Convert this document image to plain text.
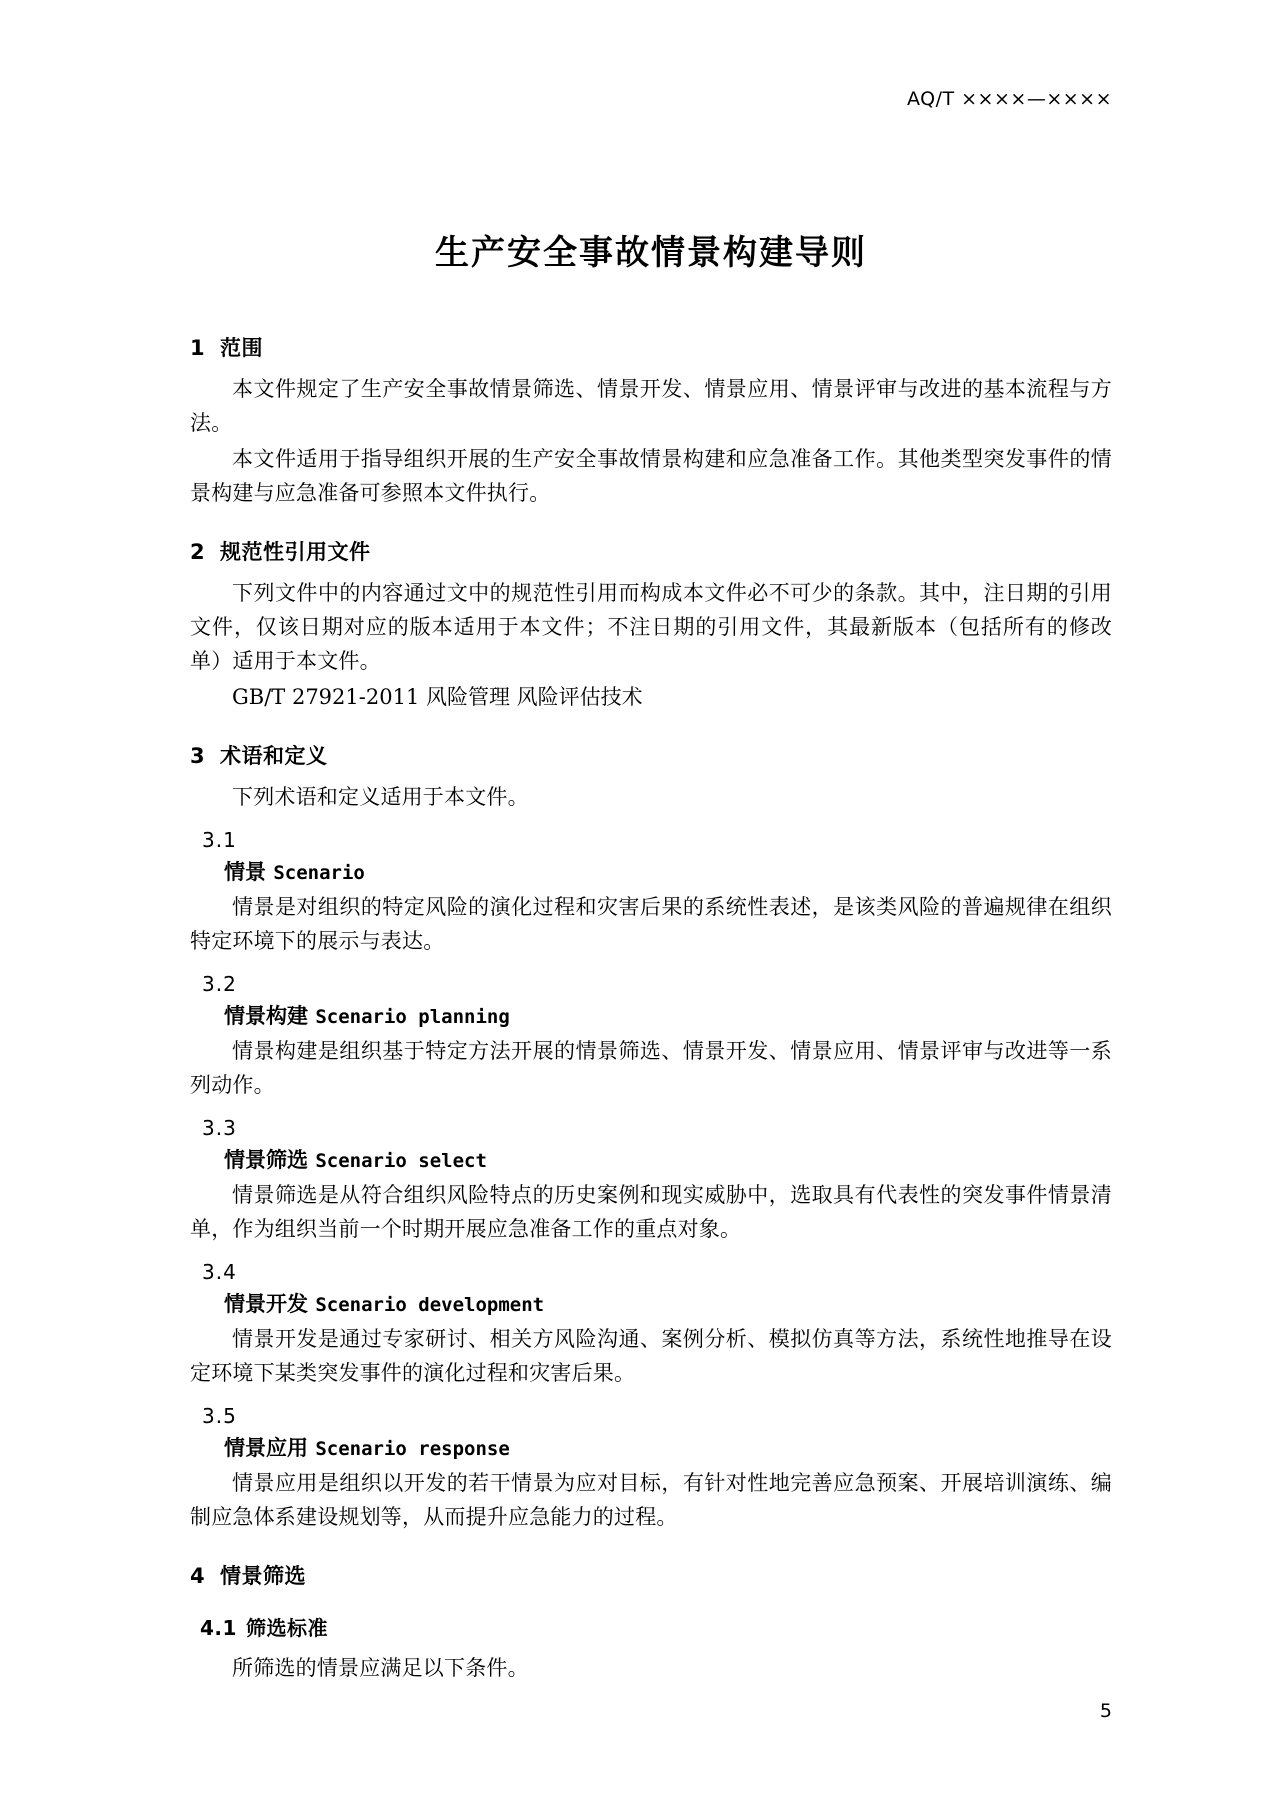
AQ/T ××××—××××
生产安全事故情景构建导则
1 范围

本文件规定了生产安全事故情景筛选、情景开发、情景应用、情景评审与改进的基本流程与方法。

本文件适用于指导组织开展的生产安全事故情景构建和应急准备工作。其他类型突发事件的情景构建与应急准备可参照本文件执行。

2 规范性引用文件

下列文件中的内容通过文中的规范性引用而构成本文件必不可少的条款。其中，注日期的引用文件，仅该日期对应的版本适用于本文件；不注日期的引用文件，其最新版本（包括所有的修改单）适用于本文件。

GB/T 27921-2011 风险管理 风险评估技术

3 术语和定义

下列术语和定义适用于本文件。

3.1
情景 Scenario

情景是对组织的特定风险的演化过程和灾害后果的系统性表述，是该类风险的普遍规律在组织特定环境下的展示与表达。

3.2
情景构建 Scenario planning

情景构建是组织基于特定方法开展的情景筛选、情景开发、情景应用、情景评审与改进等一系列动作。

3.3
情景筛选 Scenario select

情景筛选是从符合组织风险特点的历史案例和现实威胁中，选取具有代表性的突发事件情景清单，作为组织当前一个时期开展应急准备工作的重点对象。

3.4
情景开发 Scenario development

情景开发是通过专家研讨、相关方风险沟通、案例分析、模拟仿真等方法，系统性地推导在设定环境下某类突发事件的演化过程和灾害后果。

3.5
情景应用 Scenario response

情景应用是组织以开发的若干情景为应对目标，有针对性地完善应急预案、开展培训演练、编制应急体系建设规划等，从而提升应急能力的过程。

4 情景筛选
4.1 筛选标准

所筛选的情景应满足以下条件。

5
